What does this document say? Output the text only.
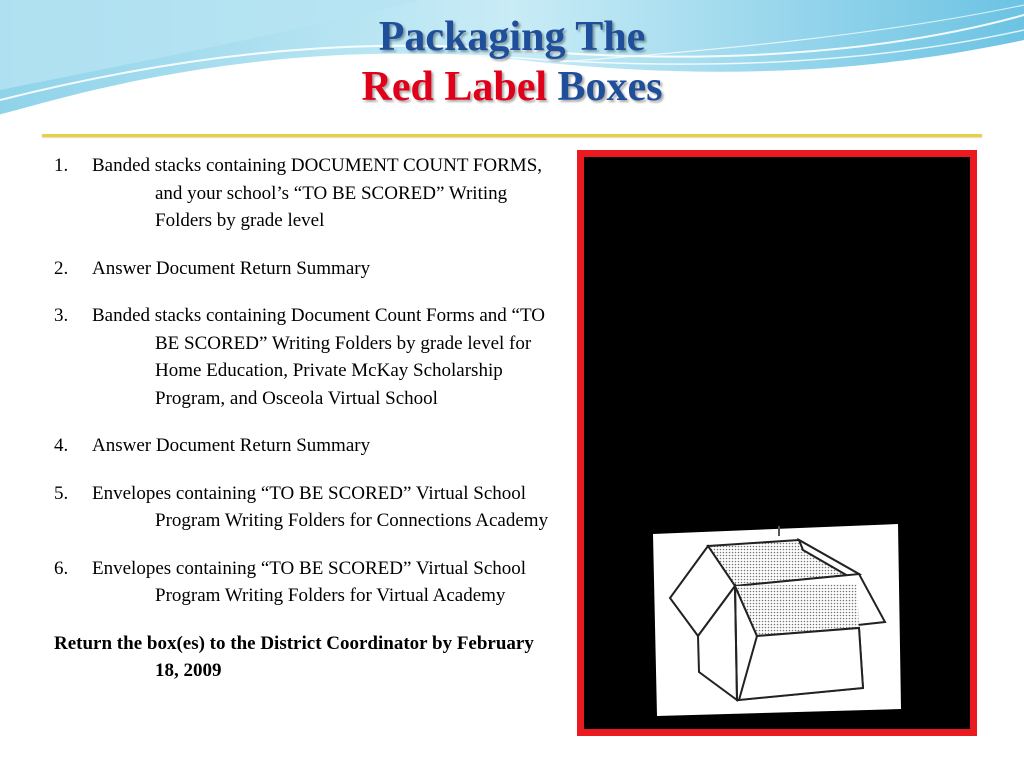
Packaging The
Red Label Boxes
1. Banded stacks containing DOCUMENT COUNT FORMS, and your school’s “TO BE SCORED” Writing Folders by grade level
2. Answer Document Return Summary
3. Banded stacks containing Document Count Forms and “TO BE SCORED” Writing Folders by grade level for Home Education, Private McKay Scholarship Program, and Osceola Virtual School
4. Answer Document Return Summary
5. Envelopes containing “TO BE SCORED” Virtual School Program Writing Folders for Connections Academy
6. Envelopes containing “TO BE SCORED” Virtual School Program Writing Folders for Virtual Academy
Return the box(es) to the District Coordinator by February 18, 2009
